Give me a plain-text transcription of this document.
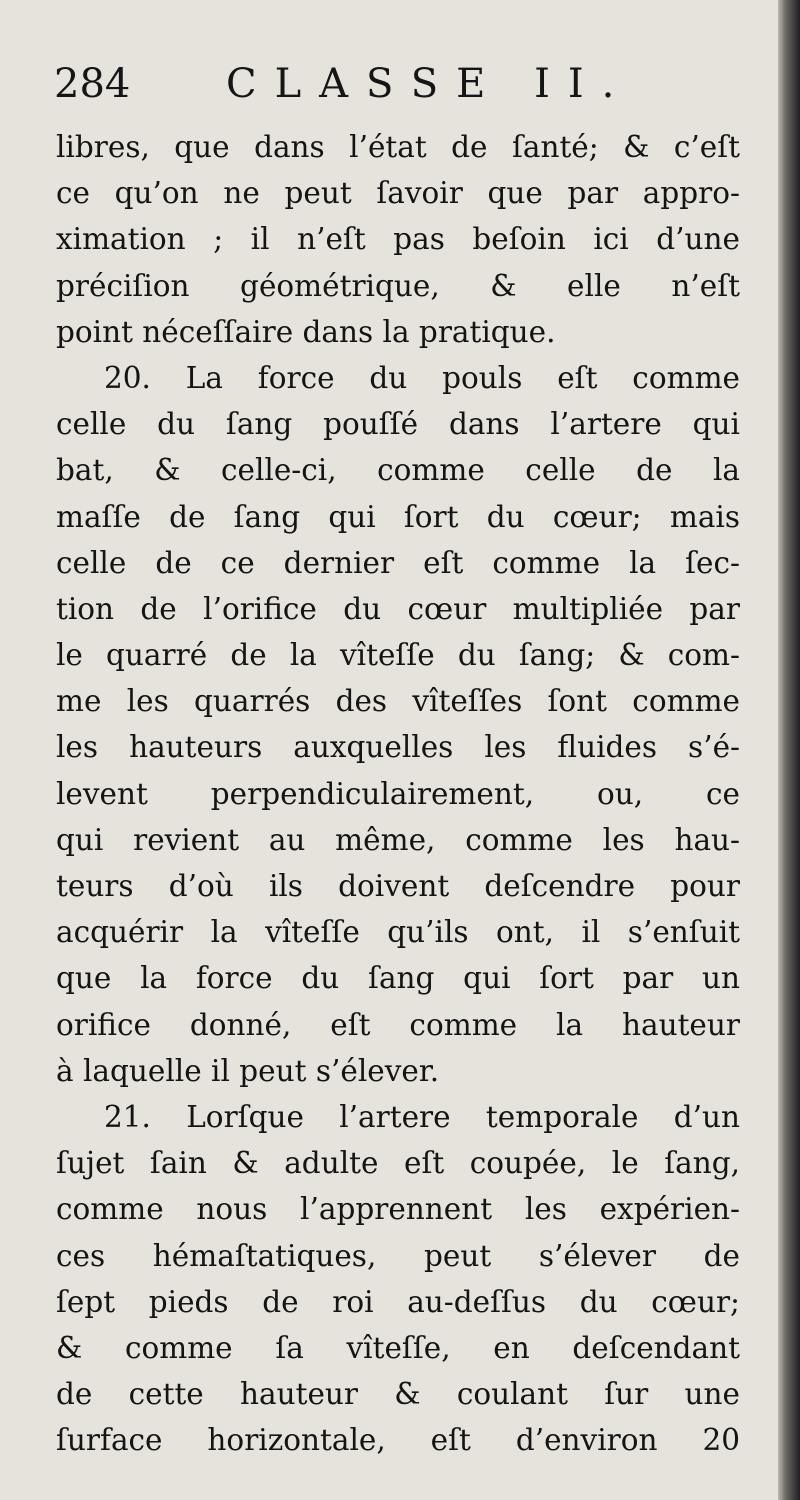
284 CLASSE II.
libres, que dans l’état de ſanté; & c’eſt
ce qu’on ne peut ſavoir que par appro-
ximation ; il n’eſt pas beſoin ici d’une
préciſion géométrique, & elle n’eſt
point néceſſaire dans la pratique.
20. La force du pouls eſt comme
celle du ſang pouſſé dans l’artere qui
bat, & celle-ci, comme celle de la
maſſe de ſang qui ſort du cœur; mais
celle de ce dernier eſt comme la ſec-
tion de l’orifice du cœur multipliée par
le quarré de la vîteſſe du ſang; & com-
me les quarrés des vîteſſes ſont comme
les hauteurs auxquelles les fluides s’é-
levent perpendiculairement, ou, ce
qui revient au même, comme les hau-
teurs d’où ils doivent deſcendre pour
acquérir la vîteſſe qu’ils ont, il s’enſuit
que la force du ſang qui ſort par un
orifice donné, eſt comme la hauteur
à laquelle il peut s’élever.
21. Lorſque l’artere temporale d’un
ſujet ſain & adulte eſt coupée, le ſang,
comme nous l’apprennent les expérien-
ces hémaſtatiques, peut s’élever de
ſept pieds de roi au-deſſus du cœur;
& comme ſa vîteſſe, en deſcendant
de cette hauteur & coulant ſur une
ſurface horizontale, eſt d’environ 20
